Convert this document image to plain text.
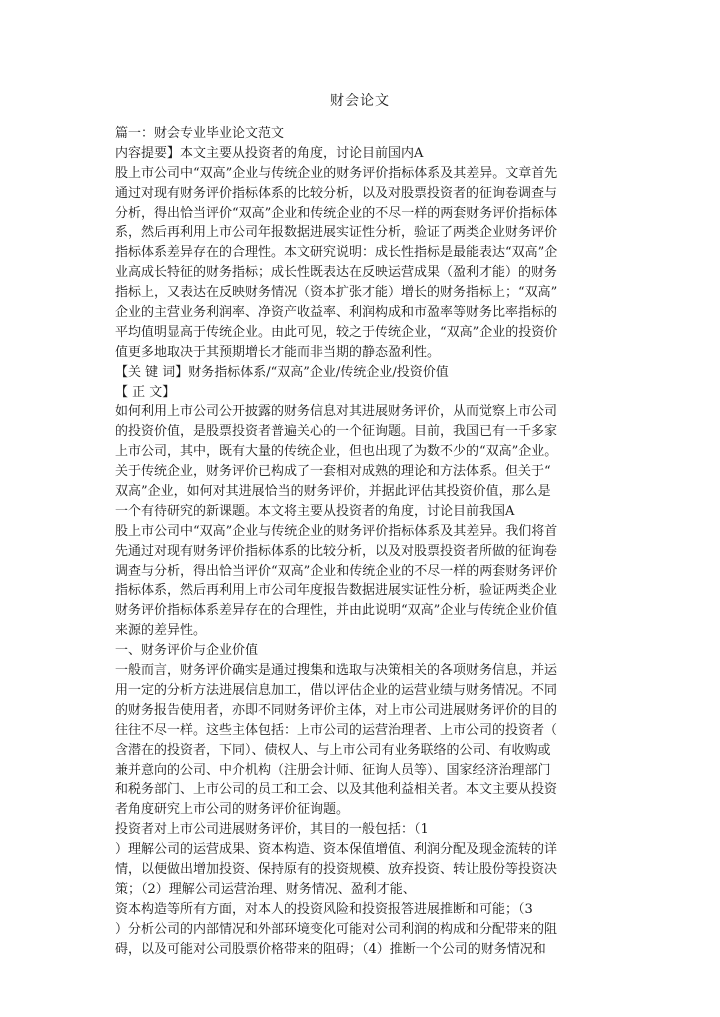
财会论文
篇一：财会专业毕业论文范文
内容提要】本文主要从投资者的角度，讨论目前国内A
股上市公司中“双高”企业与传统企业的财务评价指标体系及其差异。文章首先
通过对现有财务评价指标体系的比较分析，以及对股票投资者的征询卷调查与
分析，得出恰当评价“双高”企业和传统企业的不尽一样的两套财务评价指标体
系，然后再利用上市公司年报数据进展实证性分析，验证了两类企业财务评价
指标体系差异存在的合理性。本文研究说明：成长性指标是最能表达“双高”企
业高成长特征的财务指标；成长性既表达在反映运营成果（盈利才能）的财务
指标上，又表达在反映财务情况（资本扩张才能）增长的财务指标上；“双高”
企业的主营业务利润率、净资产收益率、利润构成和市盈率等财务比率指标的
平均值明显高于传统企业。由此可见，较之于传统企业，“双高”企业的投资价
值更多地取决于其预期增长才能而非当期的静态盈利性。
【关 键 词】财务指标体系/“双高”企业/传统企业/投资价值
【 正 文】
如何利用上市公司公开披露的财务信息对其进展财务评价，从而觉察上市公司
的投资价值，是股票投资者普遍关心的一个征询题。目前，我国已有一千多家
上市公司，其中，既有大量的传统企业，但也出现了为数不少的“双高”企业。
关于传统企业，财务评价已构成了一套相对成熟的理论和方法体系。但关于“
双高”企业，如何对其进展恰当的财务评价，并据此评估其投资价值，那么是
一个有待研究的新课题。本文将主要从投资者的角度，讨论目前我国A
股上市公司中“双高”企业与传统企业的财务评价指标体系及其差异。我们将首
先通过对现有财务评价指标体系的比较分析，以及对股票投资者所做的征询卷
调查与分析，得出恰当评价“双高”企业和传统企业的不尽一样的两套财务评价
指标体系，然后再利用上市公司年度报告数据进展实证性分析，验证两类企业
财务评价指标体系差异存在的合理性，并由此说明“双高”企业与传统企业价值
来源的差异性。
一、财务评价与企业价值
一般而言，财务评价确实是通过搜集和选取与决策相关的各项财务信息，并运
用一定的分析方法进展信息加工，借以评估企业的运营业绩与财务情况。不同
的财务报告使用者，亦即不同财务评价主体，对上市公司进展财务评价的目的
往往不尽一样。这些主体包括：上市公司的运营治理者、上市公司的投资者（
含潜在的投资者，下同）、债权人、与上市公司有业务联络的公司、有收购或
兼并意向的公司、中介机构（注册会计师、征询人员等）、国家经济治理部门
和税务部门、上市公司的员工和工会、以及其他利益相关者。本文主要从投资
者角度研究上市公司的财务评价征询题。
投资者对上市公司进展财务评价，其目的一般包括：（1
）理解公司的运营成果、资本构造、资本保值增值、利润分配及现金流转的详
情，以便做出增加投资、保持原有的投资规模、放弃投资、转让股份等投资决
策；（2）理解公司运营治理、财务情况、盈利才能、
资本构造等所有方面，对本人的投资风险和投资报答进展推断和可能；（3
）分析公司的内部情况和外部环境变化可能对公司利润的构成和分配带来的阻
碍，以及可能对公司股票价格带来的阻碍；（4）推断一个公司的财务情况和
